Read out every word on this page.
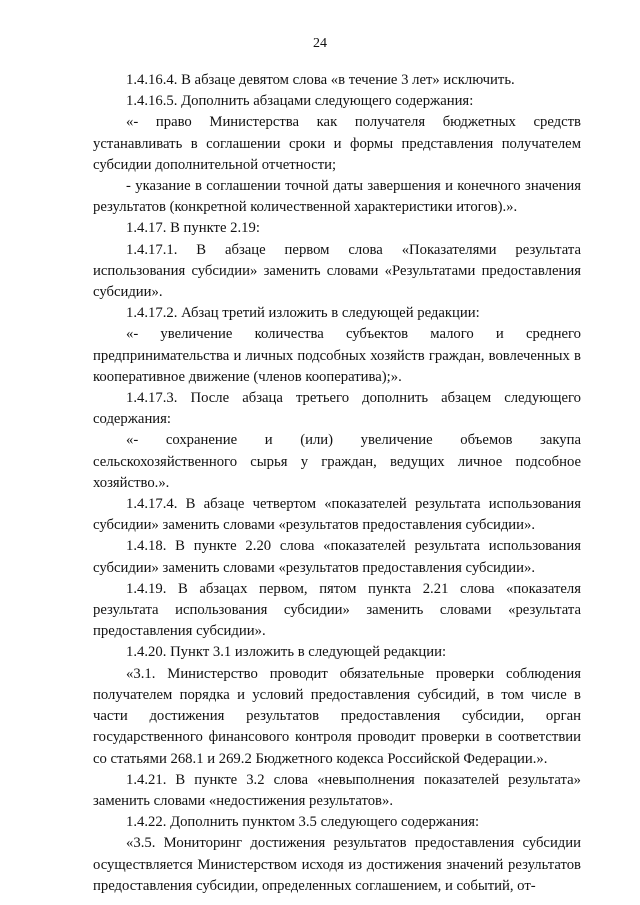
24

1.4.16.4. В абзаце девятом слова «в течение 3 лет» исключить.

1.4.16.5. Дополнить абзацами следующего содержания:

«- право Министерства как получателя бюджетных средств устанавливать в соглашении сроки и формы представления получателем субсидии дополнительной отчетности;

- указание в соглашении точной даты завершения и конечного значения результатов (конкретной количественной характеристики итогов).».

1.4.17. В пункте 2.19:

1.4.17.1. В абзаце первом слова «Показателями результата использования субсидии» заменить словами «Результатами предоставления субсидии».

1.4.17.2. Абзац третий изложить в следующей редакции:

«- увеличение количества субъектов малого и среднего предпринимательства и личных подсобных хозяйств граждан, вовлеченных в кооперативное движение (членов кооператива);».

1.4.17.3. После абзаца третьего дополнить абзацем следующего содержания:

«- сохранение и (или) увеличение объемов закупа сельскохозяйственного сырья у граждан, ведущих личное подсобное хозяйство.».

1.4.17.4. В абзаце четвертом «показателей результата использования субсидии» заменить словами «результатов предоставления субсидии».

1.4.18. В пункте 2.20 слова «показателей результата использования субсидии» заменить словами «результатов предоставления субсидии».

1.4.19. В абзацах первом, пятом пункта 2.21 слова «показателя результата использования субсидии» заменить словами «результата предоставления субсидии».

1.4.20. Пункт 3.1 изложить в следующей редакции:

«3.1. Министерство проводит обязательные проверки соблюдения получателем порядка и условий предоставления субсидий, в том числе в части достижения результатов предоставления субсидии, орган государственного финансового контроля проводит проверки в соответствии со статьями 268.1 и 269.2 Бюджетного кодекса Российской Федерации.».

1.4.21. В пункте 3.2 слова «невыполнения показателей результата» заменить словами «недостижения результатов».

1.4.22. Дополнить пунктом 3.5 следующего содержания:

«3.5. Мониторинг достижения результатов предоставления субсидии осуществляется Министерством исходя из достижения значений результатов предоставления субсидии, определенных соглашением, и событий, от-
